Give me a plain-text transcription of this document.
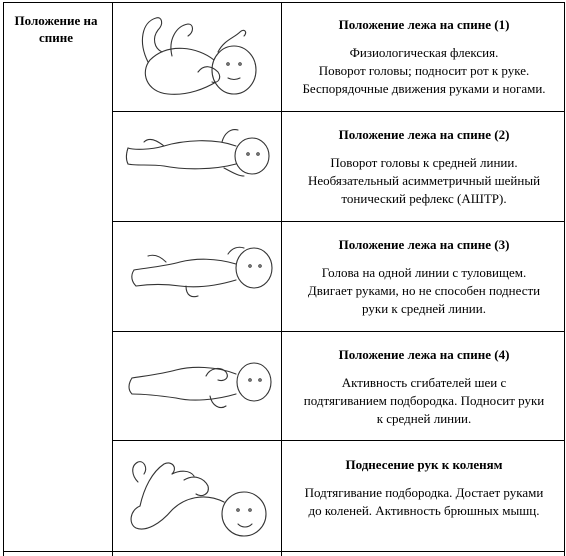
Положение на спине
Положение лежа на спине (1)
Физиологическая флексия.
Поворот головы; подносит рот к руке.
Беспорядочные движения руками и ногами.
Положение лежа на спине (2)
Поворот головы к средней линии.
Необязательный асимметричный шейный
тонический рефлекс (АШТР).
Положение лежа на спине (3)
Голова на одной линии с туловищем.
Двигает руками, но не способен поднести
руки к средней линии.
Положение лежа на спине (4)
Активность сгибателей шеи с
подтягиванием подбородка. Подносит руки
к средней линии.
Поднесение рук к коленям
Подтягивание подбородка. Достает руками
до коленей. Активность брюшных мышц.
